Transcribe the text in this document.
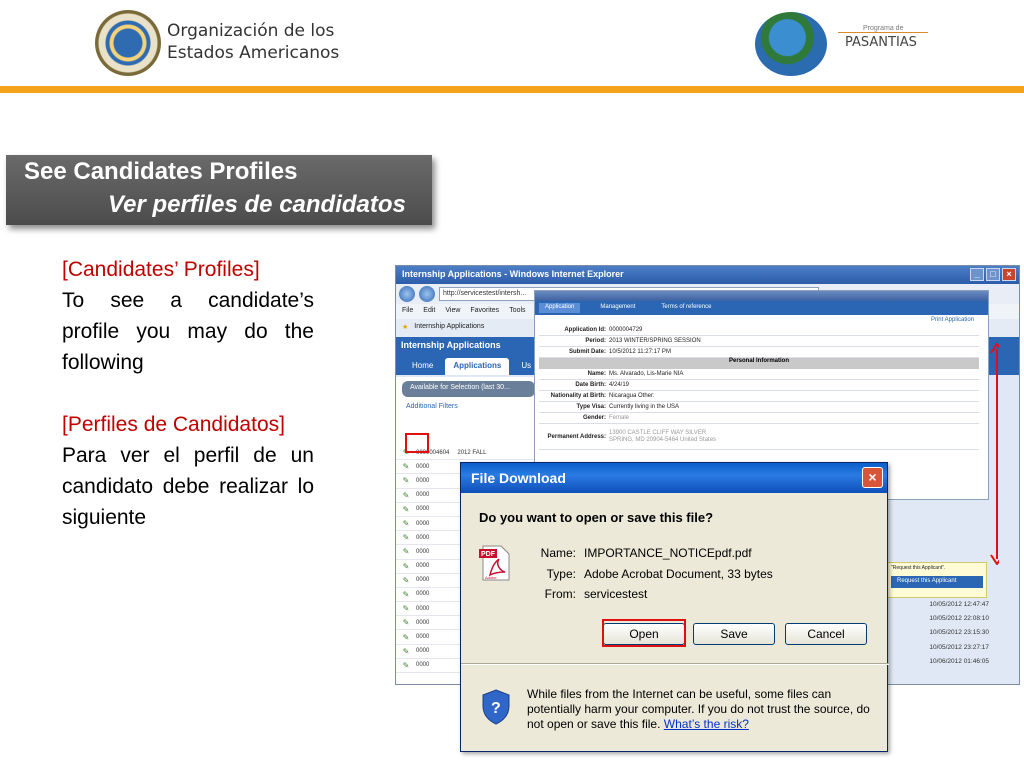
Organización de los
Estados Americanos
Programa de
PASANTIAS
See Candidates Profiles
Ver perfiles de candidatos
[Candidates’ Profiles]
To see a candidate’s profile you may do the following
[Perfiles de Candidatos]
Para ver el perfil de un candidato debe realizar lo siguiente
Internship Applications - Windows Internet Explorer	_	□	×
http://servicestest/intersh...
File Edit View Favorites Tools
★ Internship Applications
Internship Applications
Home	Applications	Us
Available for Selection (last 30...
Additional Filters
✎	0000004604 2012 FALL
✎	0000
✎	0000
✎	0000
✎	0000
✎	0000
✎	0000
✎	0000
✎	0000
✎	0000
✎	0000
✎	0000
✎	0000
✎	0000
✎	0000
✎	0000
Application	Management	Terms of reference
Print Application
Application Id: 0000004729
Period: 2013 WINTER/SPRING SESSION
Submit Date: 10/5/2012 11:27:17 PM
Personal Information
Name: Ms. Alvarado, Lis-Marie NIA
Date Birth: 4/24/19
Nationality at Birth: Nicaragua Other:
Type Visa: Currently living in the USA
Gender: Female
Permanent Address:
13900 CASTLE CLIFF WAY SILVER SPRING, MD 20904-5464 United States
"Request this Applicant".
Request this Applicant
10/05/2012 12:47:47
10/05/2012 22:08:10
10/05/2012 23:15:30
10/05/2012 23:27:17
10/06/2012 01:46:05
File Download	×
Do you want to open or save this file?
PDF
Adobe
Name: IMPORTANCE_NOTICEpdf.pdf
Type: Adobe Acrobat Document, 33 bytes
From: servicestest
Open	Save	Cancel
?
While files from the Internet can be useful, some files can potentially harm your computer. If you do not trust the source, do not open or save this file. What’s the risk?
